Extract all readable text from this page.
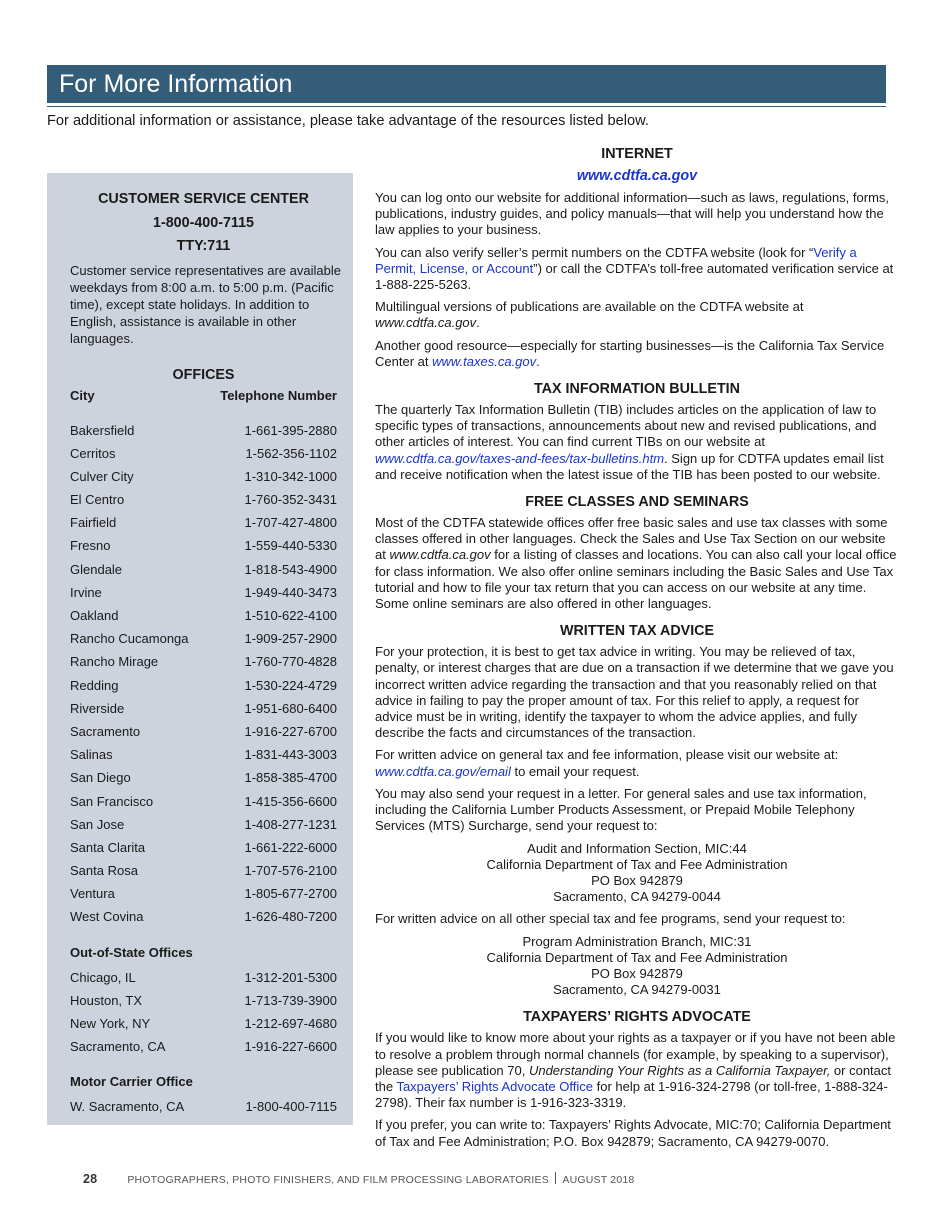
For More Information
For additional information or assistance, please take advantage of the resources listed below.
CUSTOMER SERVICE CENTER
1-800-400-7115
TTY:711
Customer service representatives are available weekdays from 8:00 a.m. to 5:00 p.m. (Pacific time), except state holidays. In addition to English, assistance is available in other languages.
OFFICES
City	Telephone Number
Bakersfield	1-661-395-2880
Cerritos	1-562-356-1102
Culver City	1-310-342-1000
El Centro	1-760-352-3431
Fairfield	1-707-427-4800
Fresno	1-559-440-5330
Glendale	1-818-543-4900
Irvine	1-949-440-3473
Oakland	1-510-622-4100
Rancho Cucamonga	1-909-257-2900
Rancho Mirage	1-760-770-4828
Redding	1-530-224-4729
Riverside	1-951-680-6400
Sacramento	1-916-227-6700
Salinas	1-831-443-3003
San Diego	1-858-385-4700
San Francisco	1-415-356-6600
San Jose	1-408-277-1231
Santa Clarita	1-661-222-6000
Santa Rosa	1-707-576-2100
Ventura	1-805-677-2700
West Covina	1-626-480-7200
Out-of-State Offices
Chicago, IL	1-312-201-5300
Houston, TX	1-713-739-3900
New York, NY	1-212-697-4680
Sacramento, CA	1-916-227-6600
Motor Carrier Office
W. Sacramento, CA	1-800-400-7115
INTERNET
www.cdtfa.ca.gov

You can log onto our website for additional information—such as laws, regulations, forms, publications, industry guides, and policy manuals—that will help you understand how the law applies to your business.

You can also verify seller’s permit numbers on the CDTFA website (look for “Verify a Permit, License, or Account”) or call the CDTFA’s toll-free automated verification service at 1-888-225-5263.

Multilingual versions of publications are available on the CDTFA website at www.cdtfa.ca.gov.

Another good resource—especially for starting businesses—is the California Tax Service Center at www.taxes.ca.gov.

TAX INFORMATION BULLETIN

The quarterly Tax Information Bulletin (TIB) includes articles on the application of law to specific types of transactions, announcements about new and revised publications, and other articles of interest. You can find current TIBs on our website at www.cdtfa.ca.gov/taxes-and-fees/tax-bulletins.htm. Sign up for CDTFA updates email list and receive notification when the latest issue of the TIB has been posted to our website.

FREE CLASSES AND SEMINARS

Most of the CDTFA statewide offices offer free basic sales and use tax classes with some classes offered in other languages. Check the Sales and Use Tax Section on our website at www.cdtfa.ca.gov for a listing of classes and locations. You can also call your local office for class information. We also offer online seminars including the Basic Sales and Use Tax tutorial and how to file your tax return that you can access on our website at any time. Some online seminars are also offered in other languages.

WRITTEN TAX ADVICE

For your protection, it is best to get tax advice in writing. You may be relieved of tax, penalty, or interest charges that are due on a transaction if we determine that we gave you incorrect written advice regarding the transaction and that you reasonably relied on that advice in failing to pay the proper amount of tax. For this relief to apply, a request for advice must be in writing, identify the taxpayer to whom the advice applies, and fully describe the facts and circumstances of the transaction.

For written advice on general tax and fee information, please visit our website at: www.cdtfa.ca.gov/email to email your request.

You may also send your request in a letter. For general sales and use tax information, including the California Lumber Products Assessment, or Prepaid Mobile Telephony Services (MTS) Surcharge, send your request to:

Audit and Information Section, MIC:44
California Department of Tax and Fee Administration
PO Box 942879
Sacramento, CA 94279-0044

For written advice on all other special tax and fee programs, send your request to:

Program Administration Branch, MIC:31
California Department of Tax and Fee Administration
PO Box 942879
Sacramento, CA 94279-0031
TAXPAYERS’ RIGHTS ADVOCATE

If you would like to know more about your rights as a taxpayer or if you have not been able to resolve a problem through normal channels (for example, by speaking to a supervisor), please see publication 70, Understanding Your Rights as a California Taxpayer, or contact the Taxpayers’ Rights Advocate Office for help at 1-916-324-2798 (or toll-free, 1-888-324-2798). Their fax number is 1-916-323-3319.

If you prefer, you can write to: Taxpayers’ Rights Advocate, MIC:70; California Department of Tax and Fee Administration; P.O. Box 942879; Sacramento, CA 94279-0070.

28	PHOTOGRAPHERS, PHOTO FINISHERS, AND FILM PROCESSING LABORATORIES AUGUST 2018
